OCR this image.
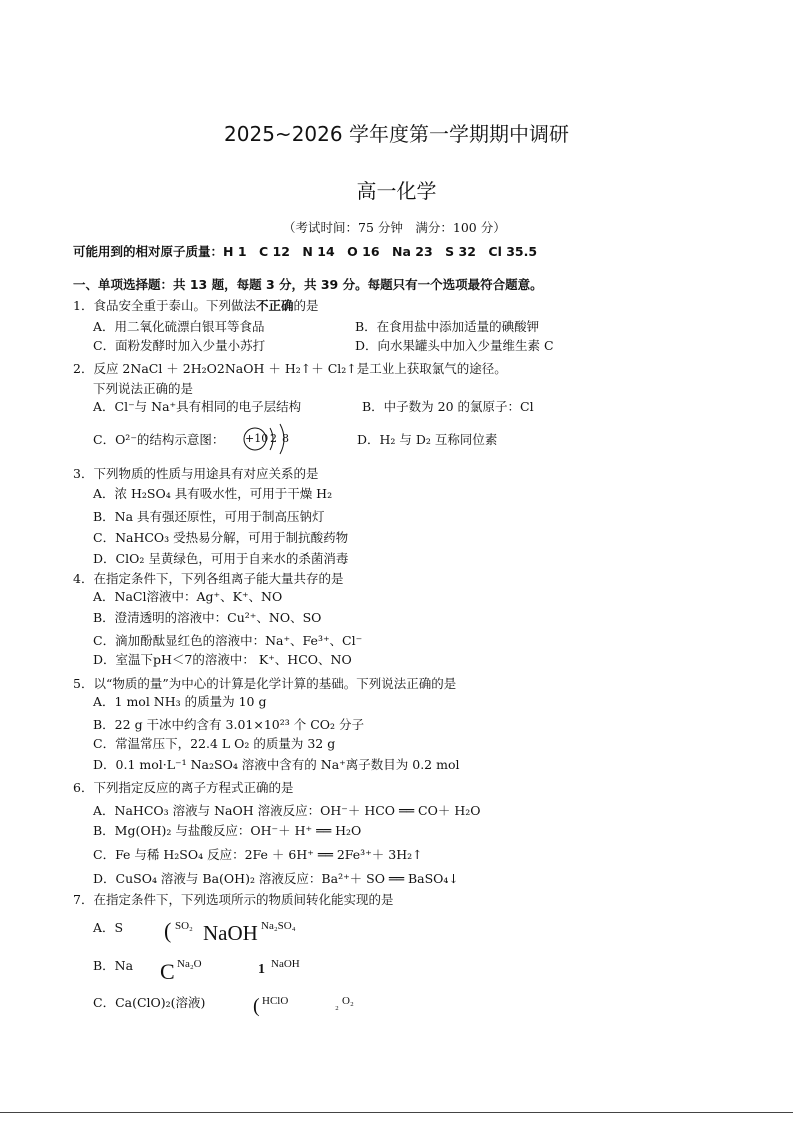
2025~2026 学年度第一学期期中调研
高一化学
（考试时间：75 分钟　满分：100 分）
可能用到的相对原子质量：H 1　C 12　N 14　O 16　Na 23　S 32　Cl 35.5
一、单项选择题：共 13 题，每题 3 分，共 39 分。每题只有一个选项最符合题意。
1．食品安全重于泰山。下列做法不正确的是
A．用二氧化硫漂白银耳等食品	B．在食用盐中添加适量的碘酸钾
C．面粉发酵时加入少量小苏打	D．向水果罐头中加入少量维生素 C
2．反应 2NaCl ＋ 2H₂O2NaOH ＋ H₂↑＋ Cl₂↑是工业上获取氯气的途径。
下列说法正确的是
A．Cl⁻与 Na⁺具有相同的电子层结构	B．中子数为 20 的氯原子：Cl
C．O²⁻的结构示意图： +10 2 8	D．H₂ 与 D₂ 互称同位素
3．下列物质的性质与用途具有对应关系的是
A．浓 H₂SO₄ 具有吸水性，可用于干燥 H₂
B．Na 具有强还原性，可用于制高压钠灯
C．NaHCO₃ 受热易分解，可用于制抗酸药物
D．ClO₂ 呈黄绿色，可用于自来水的杀菌消毒
4．在指定条件下，下列各组离子能大量共存的是
A．NaCl溶液中：Ag⁺、K⁺、NO
B．澄清透明的溶液中：Cu²⁺、NO、SO
C．滴加酚酞显红色的溶液中：Na⁺、Fe³⁺、Cl⁻
D．室温下pH＜7的溶液中： K⁺、HCO、NO
5．以“物质的量”为中心的计算是化学计算的基础。下列说法正确的是
A．1 mol NH₃ 的质量为 10 g
B．22 g 干冰中约含有 3.01×10²³ 个 CO₂ 分子
C．常温常压下，22.4 L O₂ 的质量为 32 g
D．0.1 mol·L⁻¹ Na₂SO₄ 溶液中含有的 Na⁺离子数目为 0.2 mol
6．下列指定反应的离子方程式正确的是
A．NaHCO₃ 溶液与 NaOH 溶液反应：OH⁻＋ HCO ══ CO＋ H₂O
B．Mg(OH)₂ 与盐酸反应：OH⁻＋ H⁺ ══ H₂O
C．Fe 与稀 H₂SO₄ 反应：2Fe ＋ 6H⁺ ══ 2Fe³⁺＋ 3H₂↑
D．CuSO₄ 溶液与 Ba(OH)₂ 溶液反应：Ba²⁺＋ SO ══ BaSO₄↓
7．在指定条件下，下列选项所示的物质间转化能实现的是
A．S ( SO₂ NaOH Na₂SO₄
B．Na C Na₂O	1 NaOH
C．Ca(ClO)₂(溶液) ( HClO	₂ O₂
